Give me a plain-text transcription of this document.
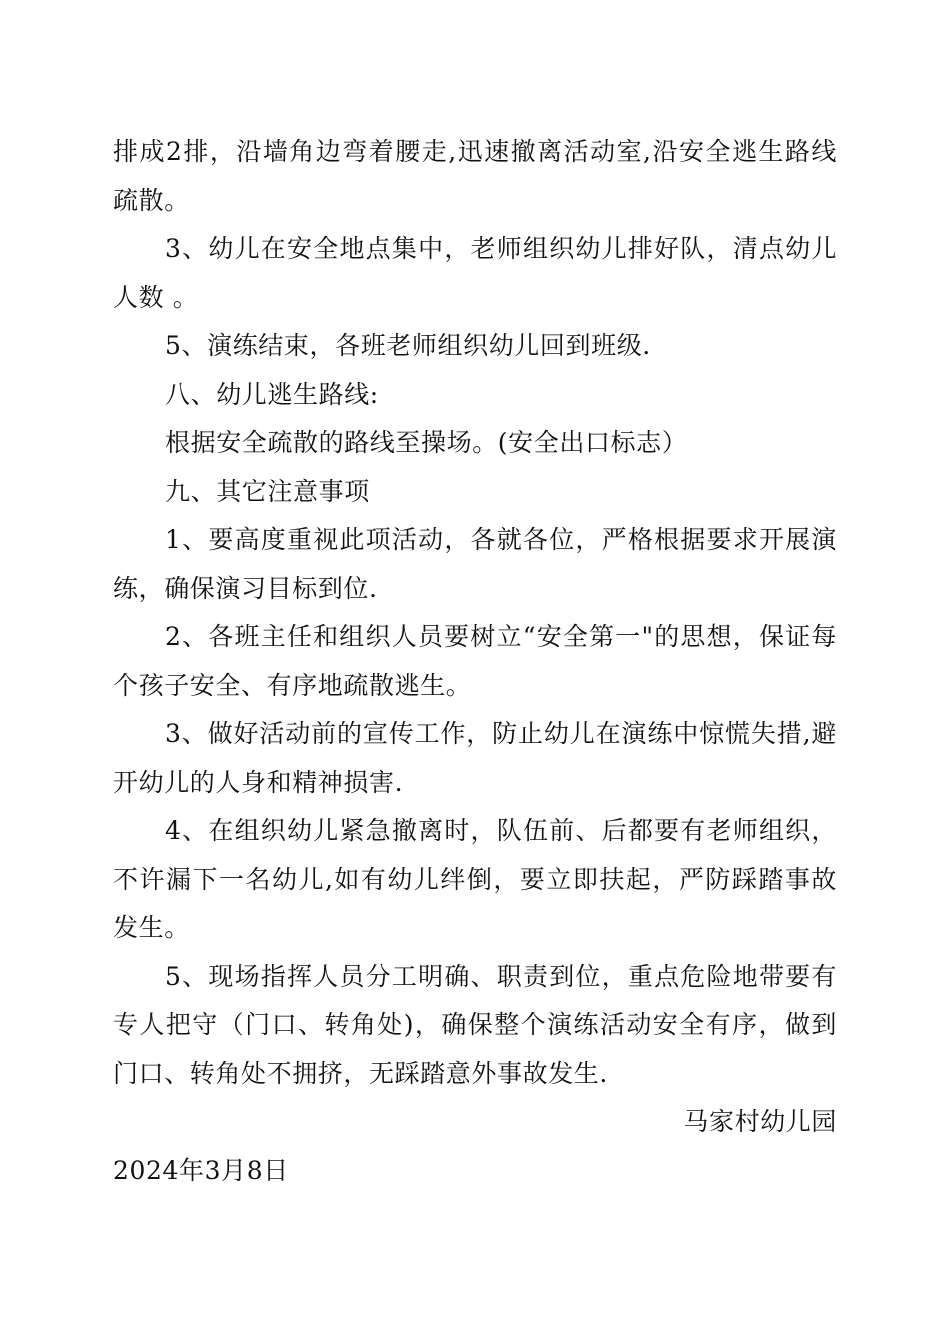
排成2排，沿墙角边弯着腰走,迅速撤离活动室,沿安全逃生路线疏散。

3、幼儿在安全地点集中，老师组织幼儿排好队，清点幼儿人数 。

5、演练结束，各班老师组织幼儿回到班级.

八、幼儿逃生路线:

根据安全疏散的路线至操场。(安全出口标志）

九、其它注意事项

1、要高度重视此项活动，各就各位，严格根据要求开展演练，确保演习目标到位.

2、各班主任和组织人员要树立“安全第一"的思想，保证每个孩子安全、有序地疏散逃生。

3、做好活动前的宣传工作，防止幼儿在演练中惊慌失措,避开幼儿的人身和精神损害.

4、在组织幼儿紧急撤离时，队伍前、后都要有老师组织，不许漏下一名幼儿,如有幼儿绊倒，要立即扶起，严防踩踏事故发生。

5、现场指挥人员分工明确、职责到位，重点危险地带要有专人把守（门口、转角处)，确保整个演练活动安全有序，做到门口、转角处不拥挤，无踩踏意外事故发生.

马家村幼儿园

2024年3月8日
